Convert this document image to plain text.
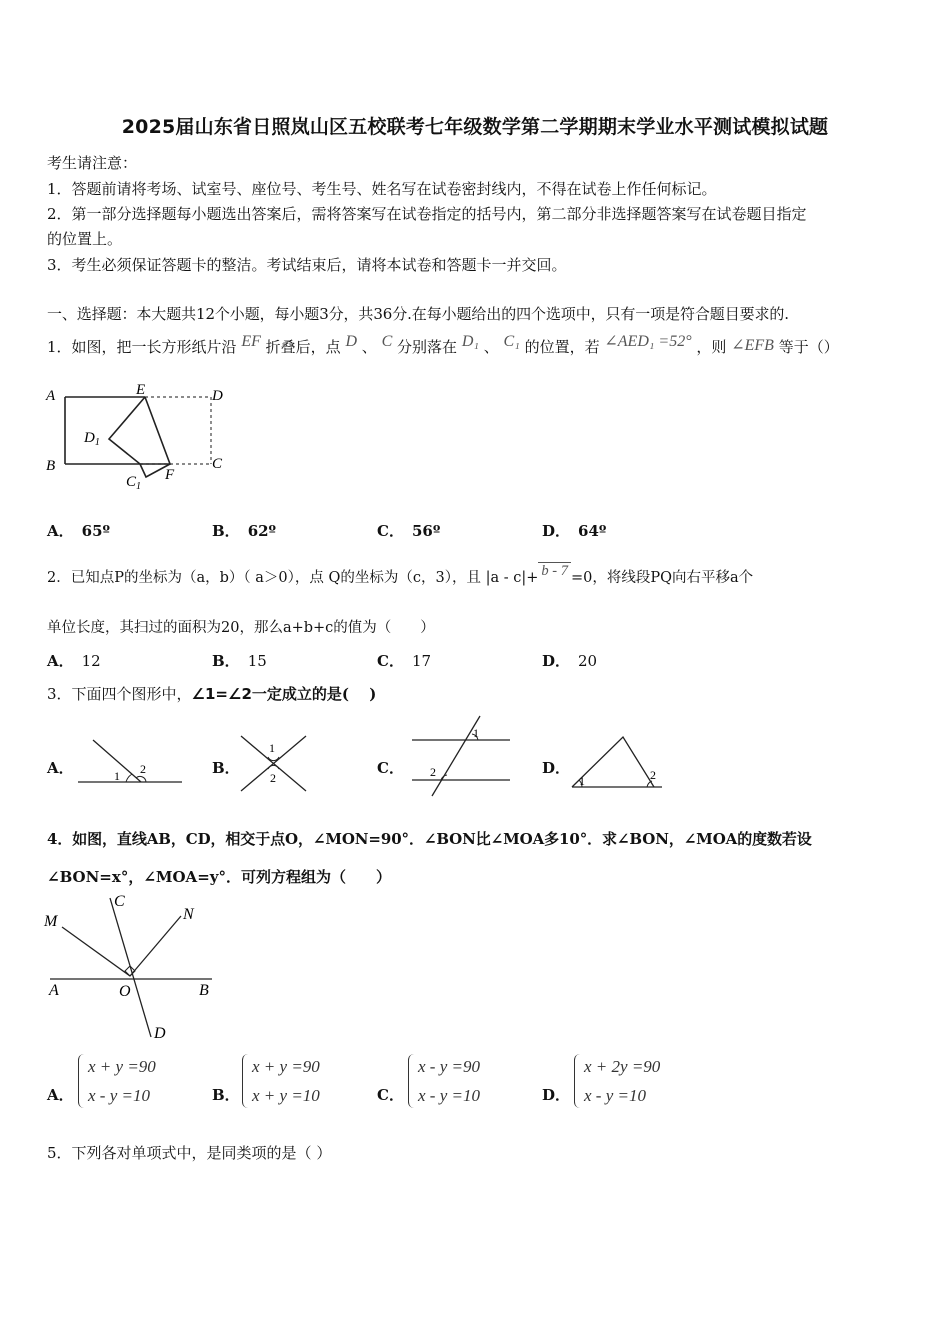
2025届山东省日照岚山区五校联考七年级数学第二学期期末学业水平测试模拟试题
考生请注意：
1．答题前请将考场、试室号、座位号、考生号、姓名写在试卷密封线内，不得在试卷上作任何标记。
2．第一部分选择题每小题选出答案后，需将答案写在试卷指定的括号内，第二部分非选择题答案写在试卷题目指定
的位置上。
3．考生必须保证答题卡的整洁。考试结束后，请将本试卷和答题卡一并交回。
一、选择题：本大题共12个小题，每小题3分，共36分.在每小题给出的四个选项中，只有一项是符合题目要求的.
1．如图，把一长方形纸片沿 EF 折叠后，点 D 、 C 分别落在 D₁ 、 C₁ 的位置，若 ∠AED₁ =52° ，则 ∠EFB 等于（）
A
B
E	D
C
F
$D_1$
$C_1$
A． 65º	B． 62º	C． 56º	D． 64º
2．已知点P的坐标为（a，b）（ a＞0），点 Q的坐标为（c，3），且 |a - c|+ b - 7 =0，将线段PQ向右平移a个
单位长度，其扫过的面积为20，那么a+b+c的值为（　　）
A． 12	B． 15	C． 17	D． 20
3．下面四个图形中，∠1=∠2一定成立的是(　 )
A．	1 2	B．
1
2
C．
1
2	D．
1	2
4．如图，直线AB，CD，相交于点O，∠MON=90°．∠BON比∠MOA多10°．求∠BON，∠MOA的度数若设
∠BON=x°，∠MOA=y°．可列方程组为（　　）
M
C
N
A	O	B
D
A．
x + y =90
x - y =10	B．
x + y =90
x + y =10	C．
x - y =90
x - y =10	D．
x + 2y =90
x - y =10
5．下列各对单项式中，是同类项的是（ ）
